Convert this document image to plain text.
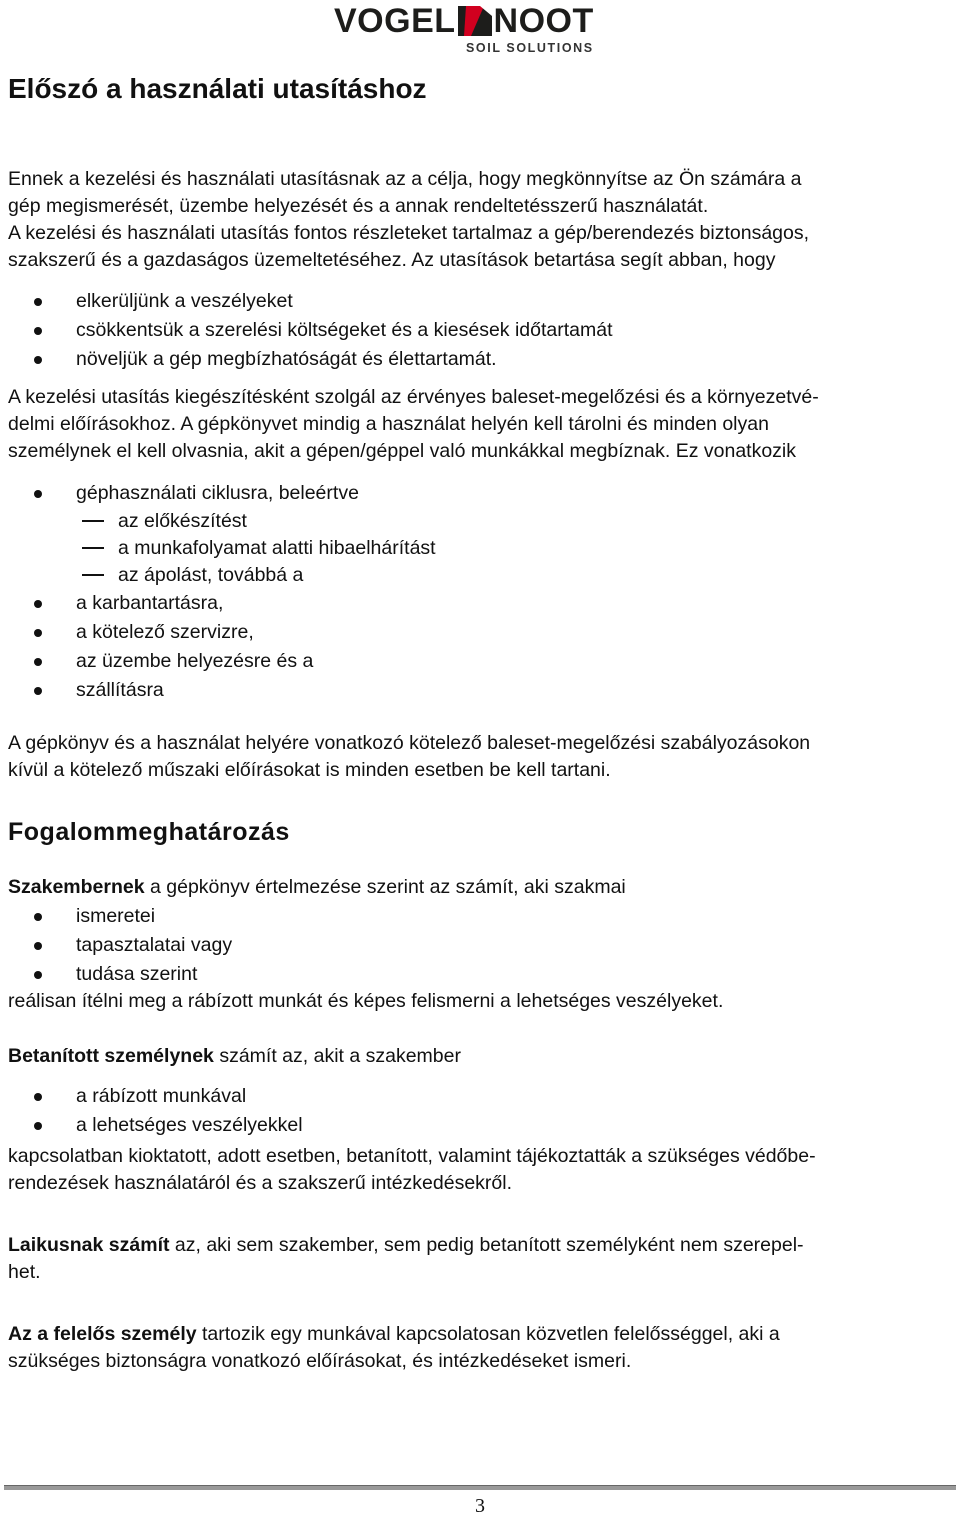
VOGEL NOOT
SOIL SOLUTIONS
Előszó a használati utasításhoz
Ennek a kezelési és használati utasításnak az a célja, hogy megkönnyítse az Ön számára a
gép megismerését, üzembe helyezését és a annak rendeltetésszerű használatát.
A kezelési és használati utasítás fontos részleteket tartalmaz a gép/berendezés biztonságos,
szakszerű és a gazdaságos üzemeltetéséhez. Az utasítások betartása segít abban, hogy
elkerüljünk a veszélyeket
csökkentsük a szerelési költségeket és a kiesések időtartamát
növeljük a gép megbízhatóságát és élettartamát.
A kezelési utasítás kiegészítésként szolgál az érvényes baleset-megelőzési és a környezetvé-
delmi előírásokhoz. A gépkönyvet mindig a használat helyén kell tárolni és minden olyan
személynek el kell olvasnia, akit a gépen/géppel való munkákkal megbíznak. Ez vonatkozik
géphasználati ciklusra, beleértve
az előkészítést
a munkafolyamat alatti hibaelhárítást
az ápolást, továbbá a
a karbantartásra,
a kötelező szervizre,
az üzembe helyezésre és a
szállításra
A gépkönyv és a használat helyére vonatkozó kötelező baleset-megelőzési szabályozásokon
kívül a kötelező műszaki előírásokat is minden esetben be kell tartani.
Fogalommeghatározás
Szakembernek a gépkönyv értelmezése szerint az számít, aki szakmai
ismeretei
tapasztalatai vagy
tudása szerint
reálisan ítélni meg a rábízott munkát és képes felismerni a lehetséges veszélyeket.
Betanított személynek számít az, akit a szakember
a rábízott munkával
a lehetséges veszélyekkel
kapcsolatban kioktatott, adott esetben, betanított, valamint tájékoztatták a szükséges védőbe-
rendezések használatáról és a szakszerű intézkedésekről.
Laikusnak számít az, aki sem szakember, sem pedig betanított személyként nem szerepel-
het.
Az a felelős személy tartozik egy munkával kapcsolatosan közvetlen felelősséggel, aki a
szükséges biztonságra vonatkozó előírásokat, és intézkedéseket ismeri.
3
